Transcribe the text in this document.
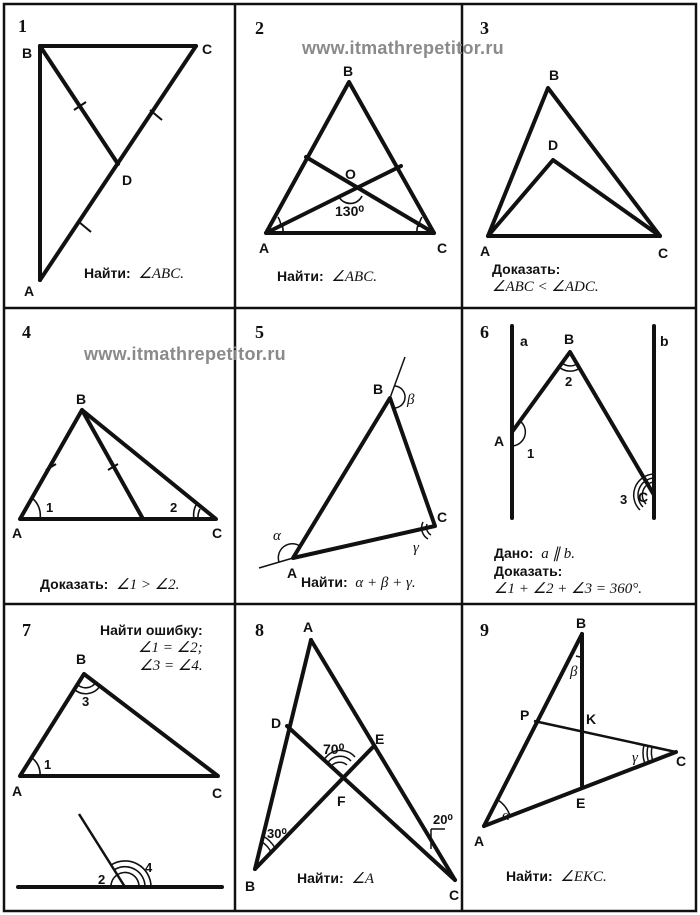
www.itmathrepetitor.ru
www.itmathrepetitor.ru
1
B	C
D
A
Найти: ∠ABC.
2
B
O
130⁰
A	C
Найти: ∠ABC.
3
B
D
A	C
Доказать:
∠ABC < ∠ADC.
4
B
1	2
A	C
Доказать: ∠1 > ∠2.
5
B
β
C
γ
α
A
Найти: α + β + γ.
6 a	B	b
2
A
1
C
3
Дано: a ∥ b.
Доказать:
∠1 + ∠2 + ∠3 = 360°.
7
B
3
1
A	C
2
4
Найти ошибку:
∠1 = ∠2;
∠3 = ∠4.
8	A
D
E
70⁰
F
30⁰
20⁰
B
C
Найти: ∠A
9	B
β
P	K
γ	C
E
α
A
Найти: ∠EKC.
